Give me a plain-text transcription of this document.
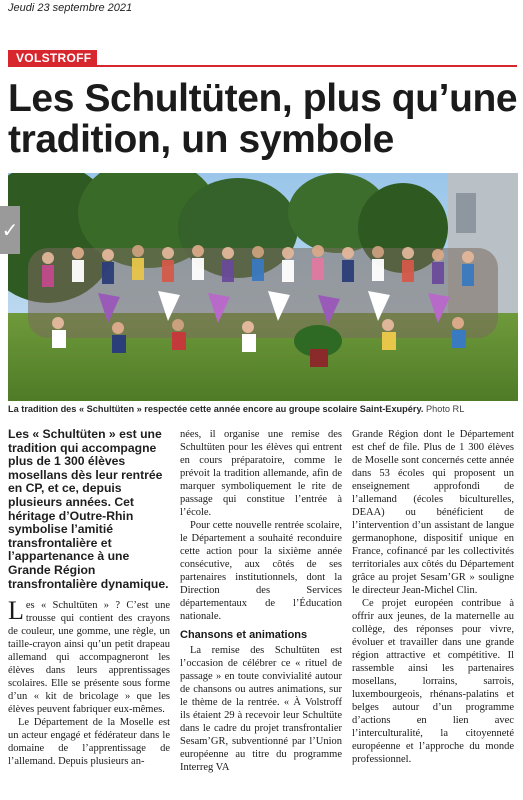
Jeudi 23 septembre 2021
VOLSTROFF
Les Schultüten, plus qu’une tradition, un symbole
✓
La tradition des « Schultüten » respectée cette année encore au groupe scolaire Saint-Exupéry. Photo RL
Les « Schultüten » est une tradition qui accompagne plus de 1 300 élèves mosellans dès leur rentrée en CP, et ce, depuis plusieurs années. Cet héritage d’Outre-Rhin symbolise l’amitié transfrontalière et l’appartenance à une Grande Région transfrontalière dynamique.

Les « Schultüten » ? C’est une trousse qui contient des crayons de couleur, une gomme, une règle, un taille-crayon ainsi qu’un petit drapeau allemand qui accompagneront les élèves dans leurs apprentissages scolaires. Elle se présente sous forme d’un « kit de bricolage » que les élèves peuvent fabriquer eux-mêmes.

Le Département de la Moselle est un acteur engagé et fédérateur dans le domaine de l’apprentissage de l’allemand. Depuis plusieurs an-

nées, il organise une remise des Schultüten pour les élèves qui entrent en cours préparatoire, comme le prévoit la tradition allemande, afin de marquer symboliquement le rite de passage qui constitue l’entrée à l’école.

Pour cette nouvelle rentrée scolaire, le Département a souhaité reconduire cette action pour la sixième année consécutive, aux côtés de ses partenaires institutionnels, dont la Direction des Services départementaux de l’Éducation nationale.

Chansons et animations

La remise des Schultüten est l’occasion de célébrer ce « rituel de passage » en toute convivialité autour de chansons ou autres animations, sur le thème de la rentrée. « À Volstroff ils étaient 29 à recevoir leur Schultüte dans le cadre du projet transfrontalier Sesam’GR, subventionné par l’Union européenne au titre du programme Interreg VA

Grande Région dont le Département est chef de file. Plus de 1 300 élèves de Moselle sont concernés cette année dans 53 écoles qui proposent un enseignement approfondi de l’allemand (écoles biculturelles, DEAA) ou bénéficient de l’intervention d’un assistant de langue germanophone, dispositif unique en France, cofinancé par les collectivités territoriales aux côtés du Département grâce au projet Sesam’GR » souligne le directeur Jean-Michel Clin.

Ce projet européen contribue à offrir aux jeunes, de la maternelle au collège, des réponses pour vivre, évoluer et travailler dans une grande région attractive et compétitive. Il rassemble ainsi les partenaires mosellans, lorrains, sarrois, luxembourgeois, rhénans-palatins et belges autour d’un programme d’actions en lien avec l’interculturalité, la citoyenneté européenne et l’approche du monde professionnel.
